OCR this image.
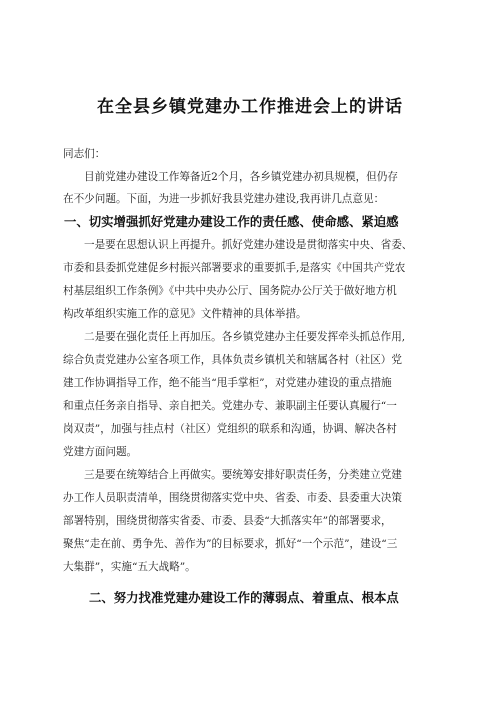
在全县乡镇党建办工作推进会上的讲话
同志们：
目前党建办建设工作筹备近2个月，各乡镇党建办初具规模，但仍存
在不少问题。下面，为进一步抓好我县党建办建设,我再讲几点意见：
一、切实增强抓好党建办建设工作的责任感、使命感、紧迫感
一是要在思想认识上再提升。抓好党建办建设是贯彻落实中央、省委、
市委和县委抓党建促乡村振兴部署要求的重要抓手,是落实《中国共产党农
村基层组织工作条例》《中共中央办公厅、国务院办公厅关于做好地方机
构改革组织实施工作的意见》文件精神的具体举措。
二是要在强化责任上再加压。各乡镇党建办主任要发挥牵头抓总作用,
综合负责党建办公室各项工作，具体负责乡镇机关和辖属各村（社区）党
建工作协调指导工作，绝不能当“甩手掌柜”，对党建办建设的重点措施
和重点任务亲自指导、亲自把关。党建办专、兼职副主任要认真履行“一
岗双责”，加强与挂点村（社区）党组织的联系和沟通，协调、解决各村
党建方面问题。
三是要在统筹结合上再做实。要统筹安排好职责任务，分类建立党建
办工作人员职责清单，围绕贯彻落实党中央、省委、市委、县委重大决策
部署特别，围绕贯彻落实省委、市委、县委“大抓落实年”的部署要求，
聚焦“走在前、勇争先、善作为”的目标要求，抓好“一个示范”，建设“三
大集群”，实施“五大战略”。
二、努力找准党建办建设工作的薄弱点、着重点、根本点
